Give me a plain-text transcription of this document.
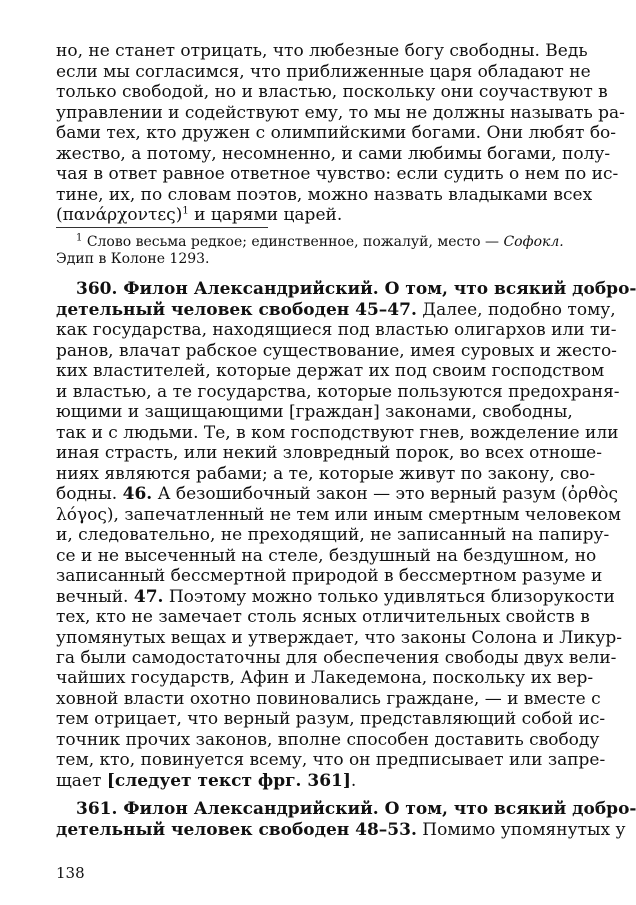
но, не станет отрицать, что любезные богу свободны. Ведь
если мы согласимся, что приближенные царя обладают не
только свободой, но и властью, поскольку они соучаствуют в
управлении и содействуют ему, то мы не должны называть ра-
бами тех, кто дружен с олимпийскими богами. Они любят бо-
жество, а потому, несомненно, и сами любимы богами, полу-
чая в ответ равное ответное чувство: если судить о нем по ис-
тине, их, по словам поэтов, можно назвать владыками всех
$(\pi\alpha\nu ά\rho\chi o\nu\tau\varepsilon\varsigma)^1$ и царями царей.
$^1$ Слово весьма редкое; единственное, пожалуй, место — Софокл.
Эдип в Колоне 1293.
360. Филон Александрийский. О том, что всякий добро-
детельный человек свободен 45–47. Далее, подобно тому,
как государства, находящиеся под властью олигархов или ти-
ранов, влачат рабское существование, имея суровых и жесто-
ких властителей, которые держат их под своим господством
и властью, а те государства, которые пользуются предохраня-
ющими и защищающими [граждан] законами, свободны,
так и с людьми. Те, в ком господствуют гнев, вожделение или
иная страсть, или некий зловредный порок, во всех отноше-
ниях являются рабами; а те, которые живут по закону, сво-
бодны. 46. А безошибочный закон — это верный разум (ὀρθὸς
λόγος), запечатленный не тем или иным смертным человеком
и, следовательно, не преходящий, не записанный на папиру-
се и не высеченный на стеле, бездушный на бездушном, но
записанный бессмертной природой в бессмертном разуме и
вечный. 47. Поэтому можно только удивляться близорукости
тех, кто не замечает столь ясных отличительных свойств в
упомянутых вещах и утверждает, что законы Солона и Ликур-
га были самодостаточны для обеспечения свободы двух вели-
чайших государств, Афин и Лакедемона, поскольку их вер-
ховной власти охотно повиновались граждане, — и вместе с
тем отрицает, что верный разум, представляющий собой ис-
точник прочих законов, вполне способен доставить свободу
тем, кто, повинуется всему, что он предписывает или запре-
щает [следует текст фрг. 361].
361. Филон Александрийский. О том, что всякий добро-
детельный человек свободен 48–53. Помимо упомянутых у
138
